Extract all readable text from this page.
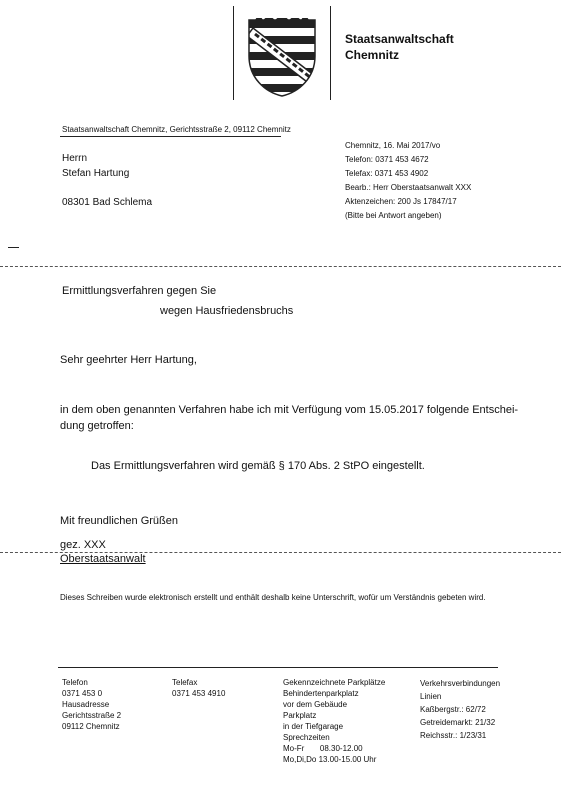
Staatsanwaltschaft
Chemnitz
Staatsanwaltschaft Chemnitz, Gerichtsstraße 2, 09112 Chemnitz
Herrn
Stefan Hartung
08301 Bad Schlema
Chemnitz, 16. Mai 2017/vo
Telefon: 0371 453 4672
Telefax: 0371 453 4902
Bearb.: Herr Oberstaatsanwalt XXX
Aktenzeichen: 200 Js 17847/17
(Bitte bei Antwort angeben)
Ermittlungsverfahren gegen Sie
wegen Hausfriedensbruchs
Sehr geehrter Herr Hartung,
in dem oben genannten Verfahren habe ich mit Verfügung vom 15.05.2017 folgende Entschei-
dung getroffen:
Das Ermittlungsverfahren wird gemäß § 170 Abs. 2 StPO eingestellt.
Mit freundlichen Grüßen
gez. XXX
Oberstaatsanwalt
Dieses Schreiben wurde elektronisch erstellt und enthält deshalb keine Unterschrift, wofür um Verständnis gebeten wird.
Telefon
0371 453 0
Hausadresse
Gerichtsstraße 2
09112 Chemnitz
Telefax
0371 453 4910
Gekennzeichnete Parkplätze
Behindertenparkplatz
vor dem Gebäude
Parkplatz
in der Tiefgarage
Sprechzeiten
Mo-Fr       08.30-12.00
Mo,Di,Do 13.00-15.00 Uhr
Verkehrsverbindungen
Linien
Kaßbergstr.: 62/72
Getreidemarkt: 21/32
Reichsstr.: 1/23/31
